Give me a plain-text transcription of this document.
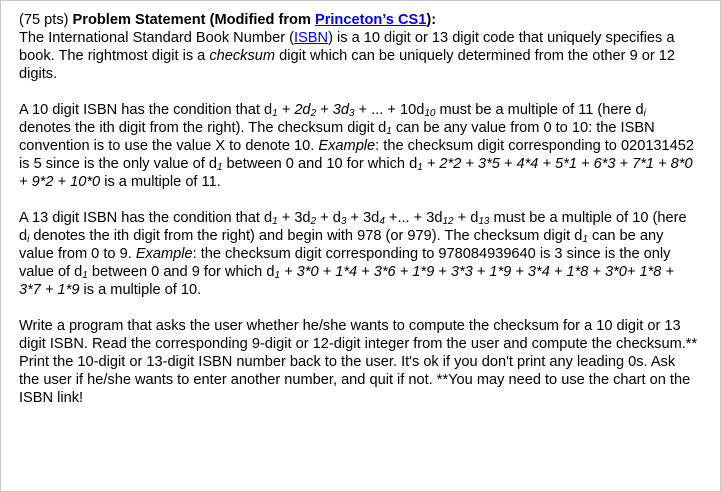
(75 pts) Problem Statement (Modified from Princeton’s CS1):

The International Standard Book Number (ISBN) is a 10 digit or 13 digit code that uniquely specifies a book. The rightmost digit is a checksum digit which can be uniquely determined from the other 9 or 12 digits.

A 10 digit ISBN has the condition that $d_1 + 2d_2 + 3d_3$ + ... + $10d_{10}$ must be a multiple of 11 (here $d_i$ denotes the ith digit from the right). The checksum digit $d_1$ can be any value from 0 to 10: the ISBN convention is to use the value X to denote 10. Example: the checksum digit corresponding to 020131452 is 5 since is the only value of $d_1$ between 0 and 10 for which $d_1 + 2*2 + 3*5 + 4*4 + 5*1 + 6*3 + 7*1 + 8*0 + 9*2 + 10*0$ is a multiple of 11.

A 13 digit ISBN has the condition that $d_1 + 3d_2 + d_3 + 3d_4$ +... + $3d_{12} + d_{13}$ must be a multiple of 10 (here $d_i$ denotes the ith digit from the right) and begin with 978 (or 979). The checksum digit $d_1$ can be any value from 0 to 9. Example: the checksum digit corresponding to 978084939640 is 3 since is the only value of $d_1$ between 0 and 9 for which $d_1 + 3*0 + 1*4 + 3*6 + 1*9 + 3*3 + 1*9 + 3*4 + 1*8 + 3*0+ 1*8 + 3*7 + 1*9$ is a multiple of 10.

Write a program that asks the user whether he/she wants to compute the checksum for a 10 digit or 13 digit ISBN. Read the corresponding 9-digit or 12-digit integer from the user and compute the checksum.** Print the 10-digit or 13-digit ISBN number back to the user. It's ok if you don't print any leading 0s. Ask the user if he/she wants to enter another number, and quit if not. **You may need to use the chart on the ISBN link!
